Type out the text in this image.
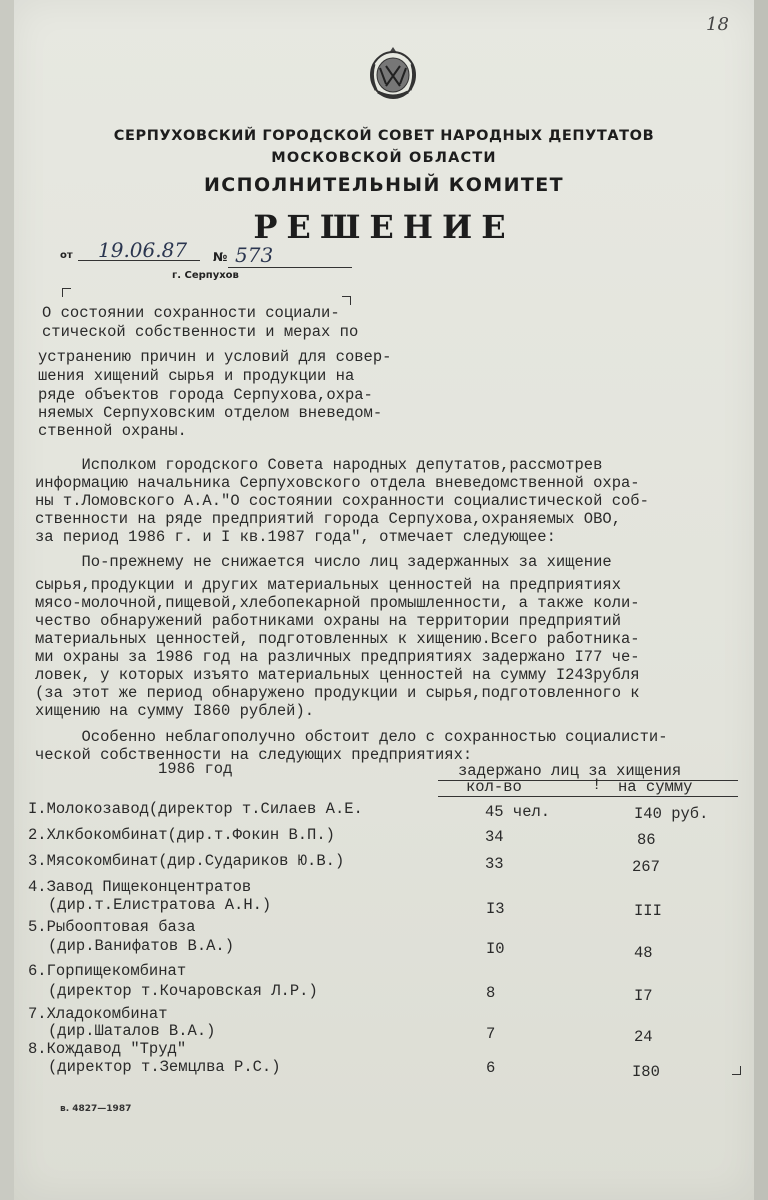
18
СЕРПУХОВСКИЙ ГОРОДСКОЙ СОВЕТ НАРОДНЫХ ДЕПУТАТОВ
МОСКОВСКОЙ ОБЛАСТИ
ИСПОЛНИТЕЛЬНЫЙ КОМИТЕТ
РЕШЕНИЕ
от 19.06.87 № 573
г. Серпухов
О состоянии сохранности социали-
стической собственности и мерах по
устранению причин и условий для совер-
шения хищений сырья и продукции на
ряде объектов города Серпухова,охра-
няемых Серпуховским отделом вневедом-
ственной охраны.
Исполком городского Совета народных депутатов,рассмотрев
информацию начальника Серпуховского отдела вневедомственной охра-
ны т.Ломовского А.А."О состоянии сохранности социалистической соб-
ственности на ряде предприятий города Серпухова,охраняемых ОВО,
за период 1986 г. и I кв.1987 года", отмечает следующее:
По-прежнему не снижается число лиц задержанных за хищение
сырья,продукции и других материальных ценностей на предприятиях
мясо-молочной,пищевой,хлебопекарной промышленности, а также коли-
чество обнаружений работниками охраны на территории предприятий
материальных ценностей, подготовленных к хищению.Всего работника-
ми охраны за 1986 год на различных предприятиях задержано I77 че-
ловек, у которых изъято материальных ценностей на сумму I243рубля
(за этот же период обнаружено продукции и сырья,подготовленного к
хищению на сумму I860 рублей).
Особенно неблагополучно обстоит дело с сохранностью социалисти-
ческой собственности на следующих предприятиях:
1986 год	задержано лиц за хищения
кол-во	! на сумму
I.Молокозавод(директор т.Силаев А.Е.	45 чел.	I40 руб.
2.Хлкбокомбинат(дир.т.Фокин В.П.)	34	86
3.Мясокомбинат(дир.Судариков Ю.В.)	33	267
4.Завод Пищеконцентратов
(дир.т.Елистратова А.Н.)	I3	III
5.Рыбооптовая база
(дир.Ванифатов В.А.)	I0	48
6.Горпищекомбинат
(директор т.Кочаровская Л.Р.)	8	I7
7.Хладокомбинат
(дир.Шаталов В.А.)	7	24
8.Кождавод "Труд"
(директор т.Земцлва Р.С.)	6	I80
в. 4827—1987
